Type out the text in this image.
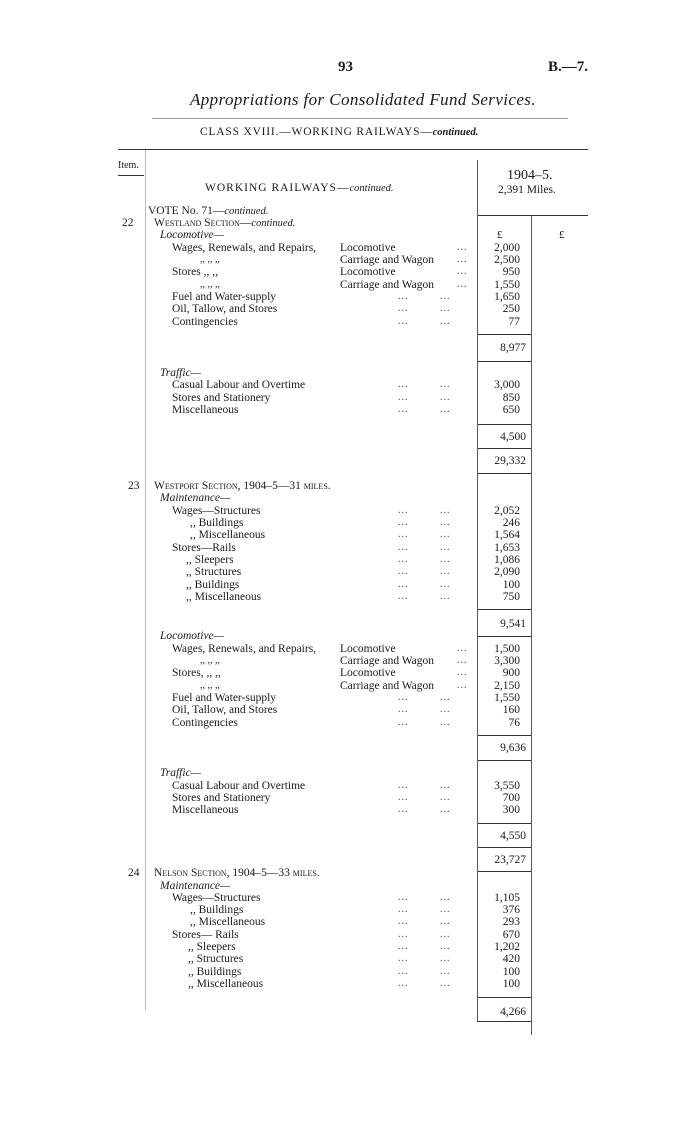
93	B.—7.
Appropriations for Consolidated Fund Services.
CLASS XVIII.—WORKING RAILWAYS—continued.
Item.
WORKING RAILWAYS—continued.
1904–5.
2,391 Miles.
VOTE No. 71—continued.
22 Westland Section—continued.
Locomotive—	£	£
Wages, Renewals, and Repairs, Locomotive	...	2,000
,, ,, ,,	Carriage and Wagon ...	2,500
Stores ,, ,,	Locomotive	...	950
,, ,, ,,	Carriage and Wagon ...	1,550
Fuel and Water-supply	...         ...	1,650
Oil, Tallow, and Stores	...         ...	250
Contingencies	...         ...	77
8,977
Traffic—
Casual Labour and Overtime	...         ...	3,000
Stores and Stationery	...         ...	850
Miscellaneous	...         ...	650
4,500
29,332
23 Westport Section, 1904–5—31 miles.
Maintenance—
Wages—Structures	...         ...	2,052
,, Buildings	...         ...	246
,, Miscellaneous	...         ...	1,564
Stores—Rails	...         ...	1,653
,, Sleepers	...         ...	1,086
,, Structures	...         ...	2,090
,, Buildings	...         ...	100
,, Miscellaneous	...         ...	750
9,541
Locomotive—
Wages, Renewals, and Repairs, Locomotive	...	1,500
,, ,, ,,	Carriage and Wagon ...	3,300
Stores, ,, ,,	Locomotive	...	900
,, ,, ,,	Carriage and Wagon ...	2,150
Fuel and Water-supply	...         ...	1,550
Oil, Tallow, and Stores	...         ...	160
Contingencies	...         ...	76
9,636
Traffic—
Casual Labour and Overtime	...         ...	3,550
Stores and Stationery	...         ...	700
Miscellaneous	...         ...	300
4,550
23,727
24 Nelson Section, 1904–5—33 miles.
Maintenance—
Wages—Structures	...         ...	1,105
,, Buildings	...         ...	376
,, Miscellaneous	...         ...	293
Stores— Rails	...         ...	670
,, Sleepers	...         ...	1,202
,, Structures	...         ...	420
,, Buildings	...         ...	100
,, Miscellaneous	...         ...	100
4,266
